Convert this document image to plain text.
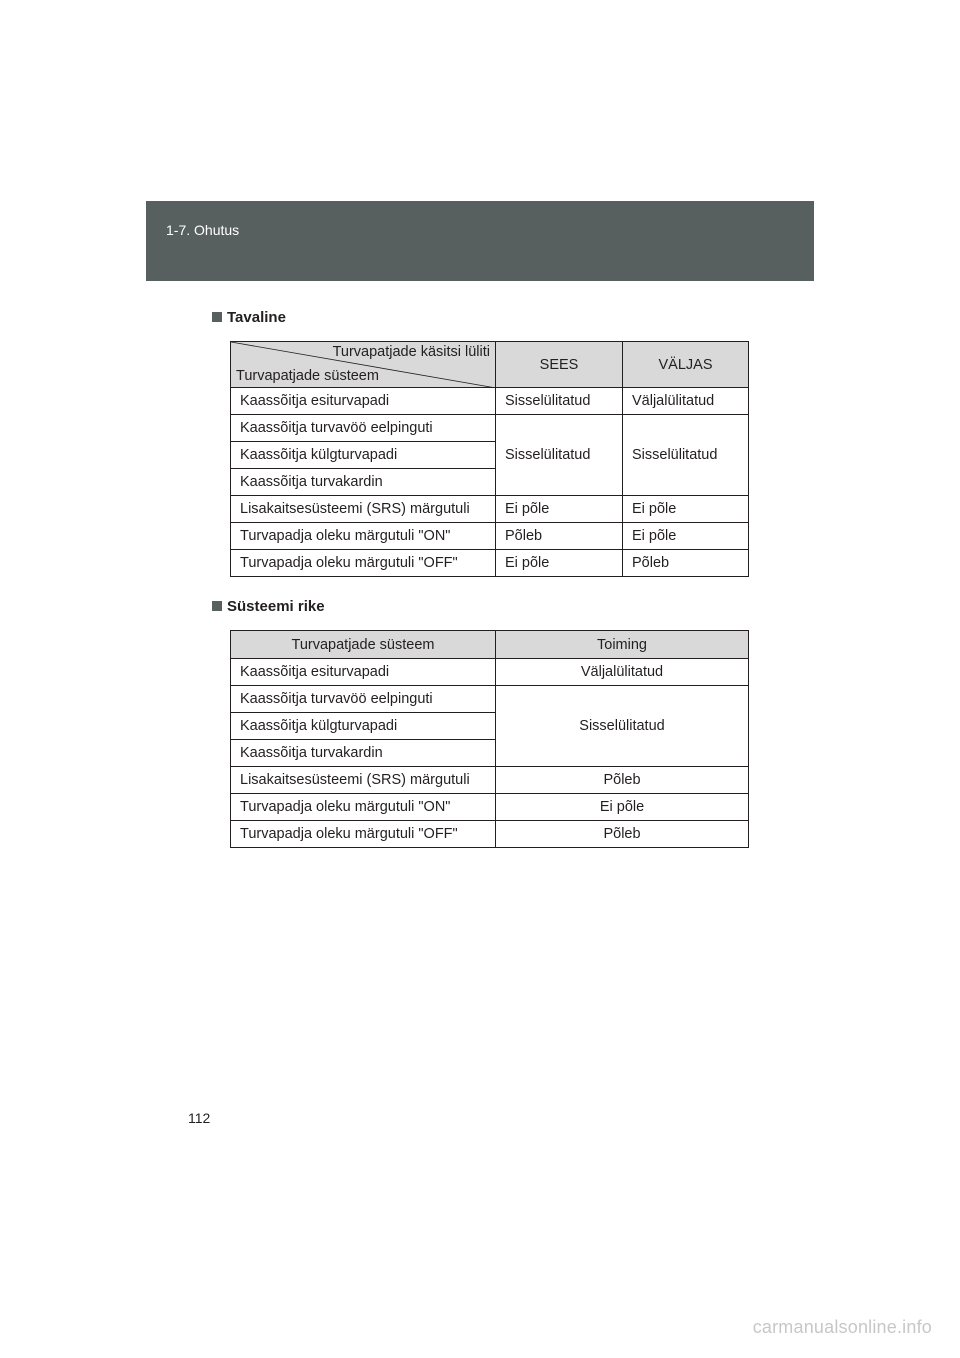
1-7. Ohutus
Tavaline
Turvapatjade käsitsi lüliti
Turvapatjade süsteem	SEES	VÄLJAS
Kaassõitja esiturvapadi	Sisselülitatud	Väljalülitatud
Kaassõitja turvavöö eelpinguti	Sisselülitatud	Sisselülitatud
Kaassõitja külgturvapadi		
Kaassõitja turvakardin		
Lisakaitsesüsteemi (SRS) märgutuli	Ei põle	Ei põle
Turvapadja oleku märgutuli "ON"	Põleb	Ei põle
Turvapadja oleku märgutuli "OFF"	Ei põle	Põleb
Süsteemi rike
Turvapatjade süsteem	Toiming
Kaassõitja esiturvapadi	Väljalülitatud
Kaassõitja turvavöö eelpinguti	Sisselülitatud
Kaassõitja külgturvapadi	
Kaassõitja turvakardin	
Lisakaitsesüsteemi (SRS) märgutuli	Põleb
Turvapadja oleku märgutuli "ON"	Ei põle
Turvapadja oleku märgutuli "OFF"	Põleb
112
carmanualsonline.info
